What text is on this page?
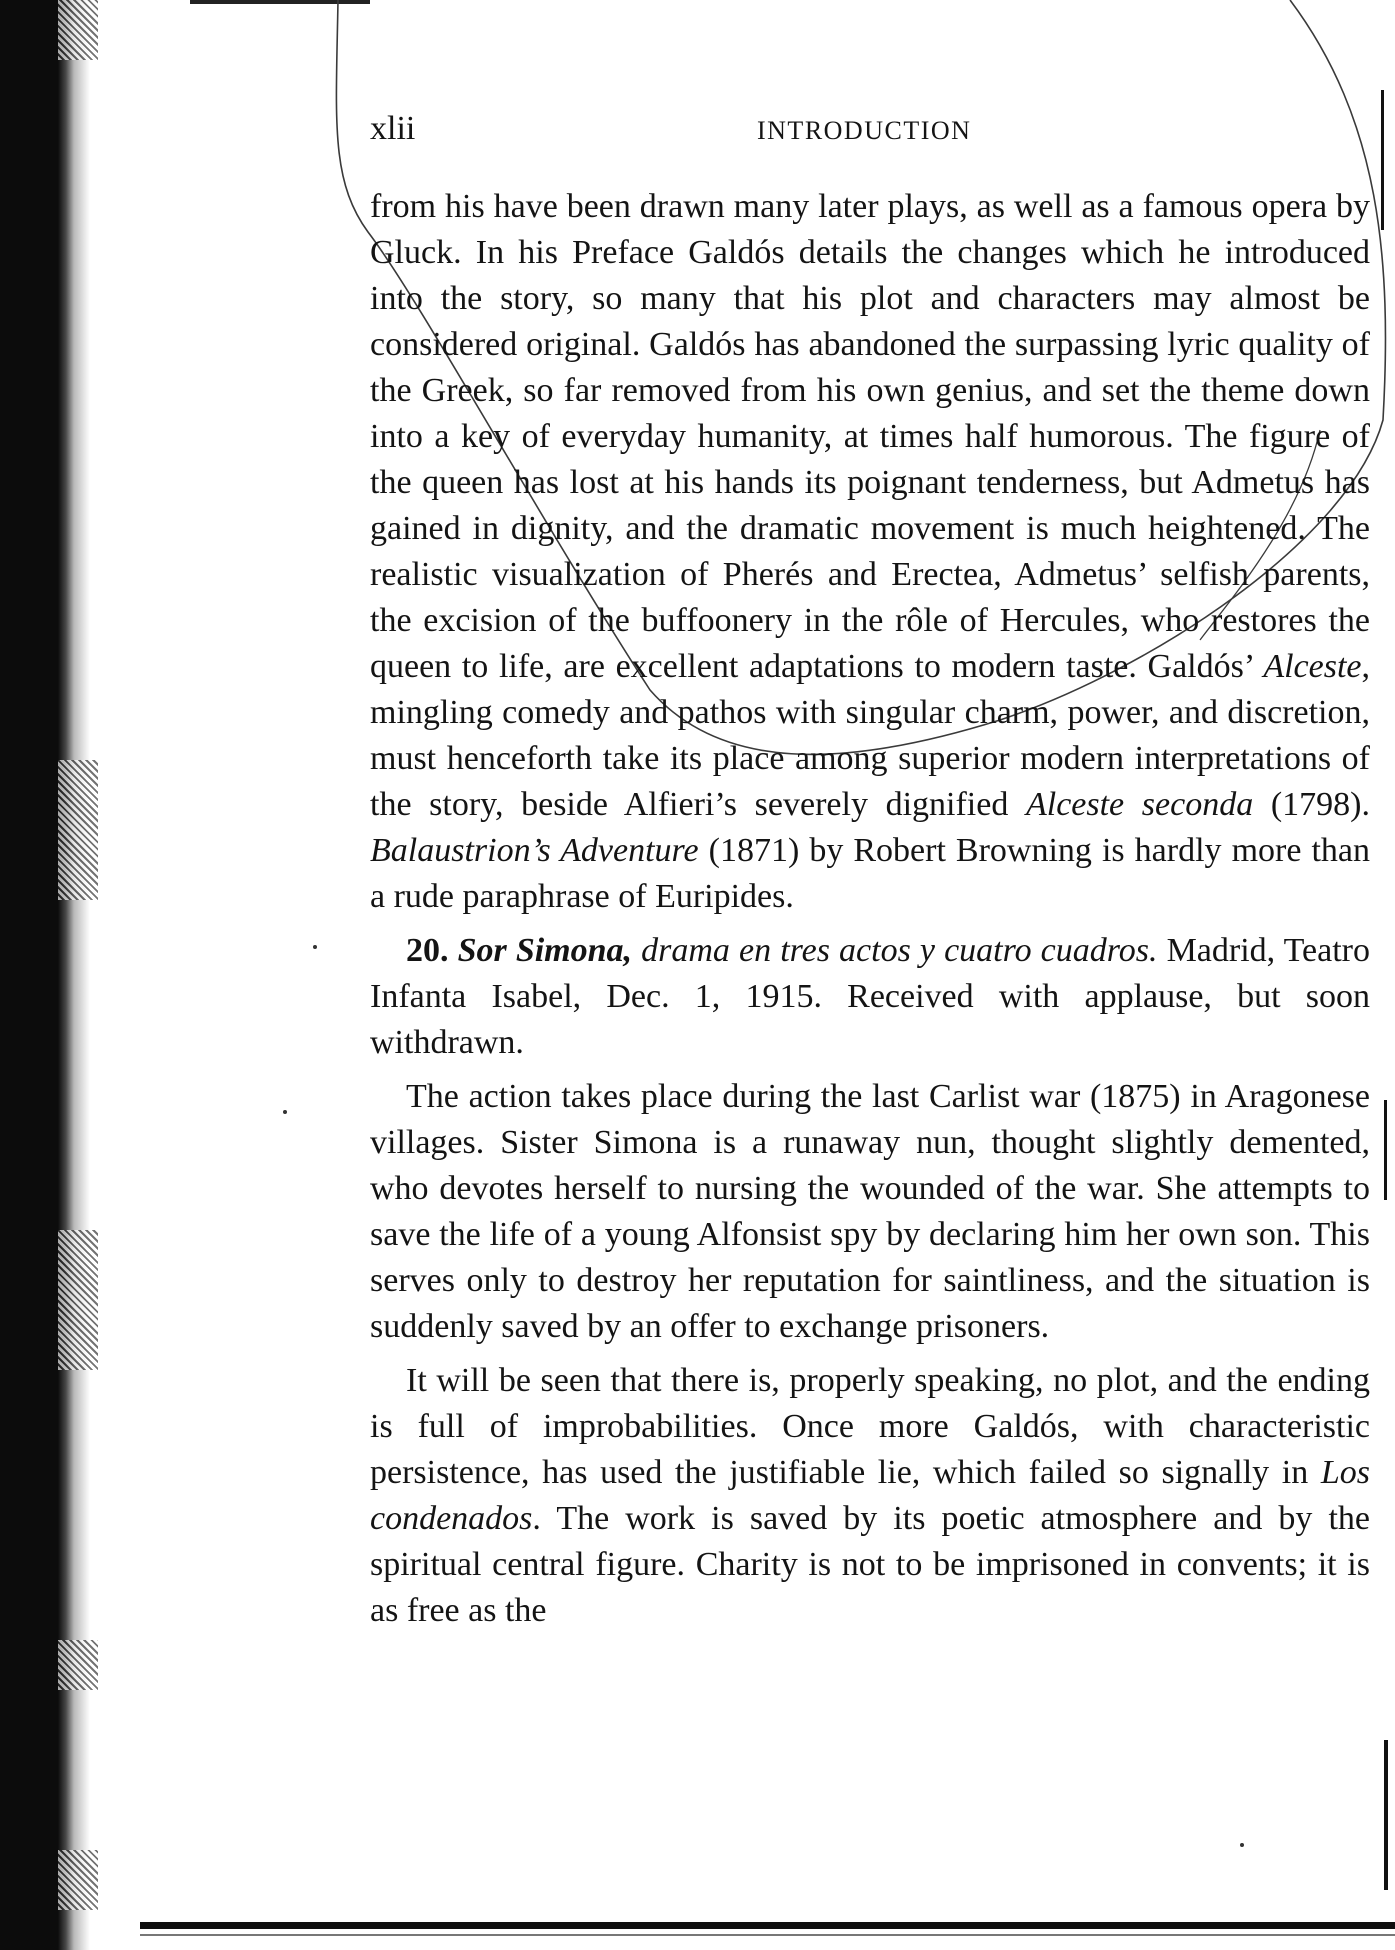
xlii	INTRODUCTION

from his have been drawn many later plays, as well as a famous opera by Gluck. In his Preface Galdós details the changes which he introduced into the story, so many that his plot and characters may almost be considered original. Galdós has abandoned the surpassing lyric quality of the Greek, so far removed from his own genius, and set the theme down into a key of everyday humanity, at times half humorous. The figure of the queen has lost at his hands its poignant tenderness, but Admetus has gained in dignity, and the dramatic movement is much heightened. The realistic visualization of Pherés and Erectea, Admetus’ selfish parents, the excision of the buffoonery in the rôle of Hercules, who restores the queen to life, are excellent adaptations to modern taste. Galdós’ Alceste, mingling comedy and pathos with singular charm, power, and discretion, must henceforth take its place among superior modern interpretations of the story, beside Alfieri’s severely dignified Alceste seconda (1798). Balaustrion’s Adventure (1871) by Robert Browning is hardly more than a rude paraphrase of Euripides.

20. Sor Simona, drama en tres actos y cuatro cuadros. Madrid, Teatro Infanta Isabel, Dec. 1, 1915. Received with applause, but soon withdrawn.

The action takes place during the last Carlist war (1875) in Aragonese villages. Sister Simona is a runaway nun, thought slightly demented, who devotes herself to nursing the wounded of the war. She attempts to save the life of a young Alfonsist spy by declaring him her own son. This serves only to destroy her reputation for saintliness, and the situation is suddenly saved by an offer to exchange prisoners.

It will be seen that there is, properly speaking, no plot, and the ending is full of improbabilities. Once more Galdós, with characteristic persistence, has used the justifiable lie, which failed so signally in Los condenados. The work is saved by its poetic atmosphere and by the spiritual central figure. Charity is not to be imprisoned in convents; it is as free as the
